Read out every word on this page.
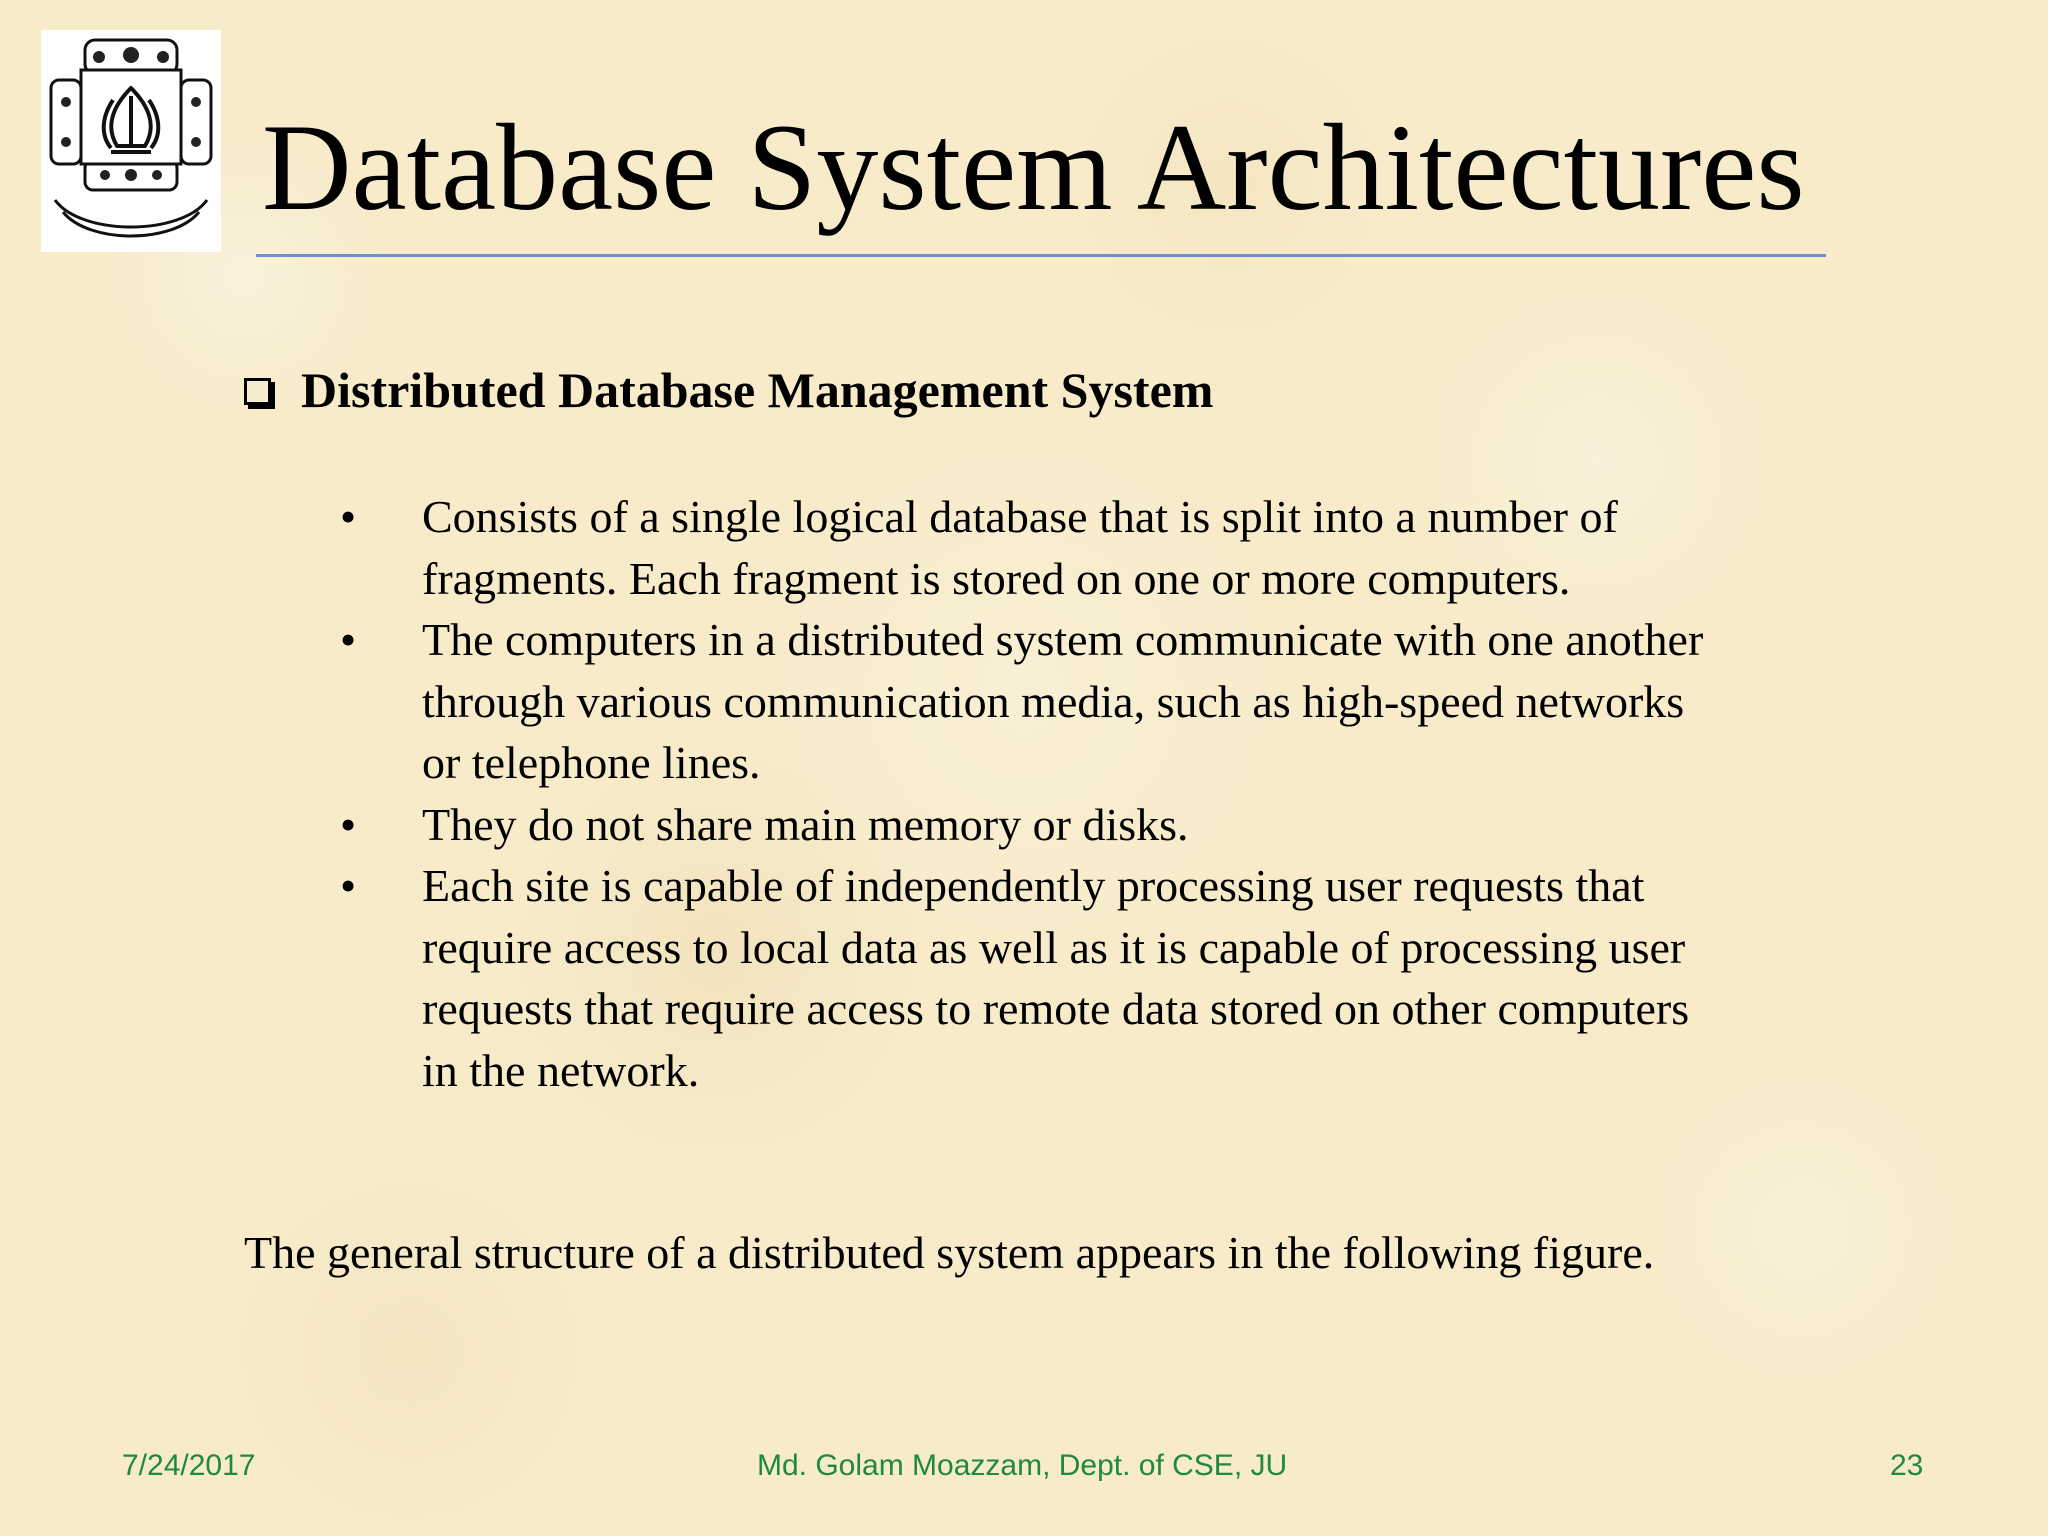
Database System Architectures
Distributed Database Management System
•	Consists of a single logical database that is split into a number of fragments. Each fragment is stored on one or more computers.
•	The computers in a distributed system communicate with one another through various communication media, such as high-speed networks or telephone lines.
•	They do not share main memory or disks.
•	Each site is capable of independently processing user requests that require access to local data as well as it is capable of processing user requests that require access to remote data stored on other computers in the network.

The general structure of a distributed system appears in the following figure.

7/24/2017	Md. Golam Moazzam, Dept. of CSE, JU	23
